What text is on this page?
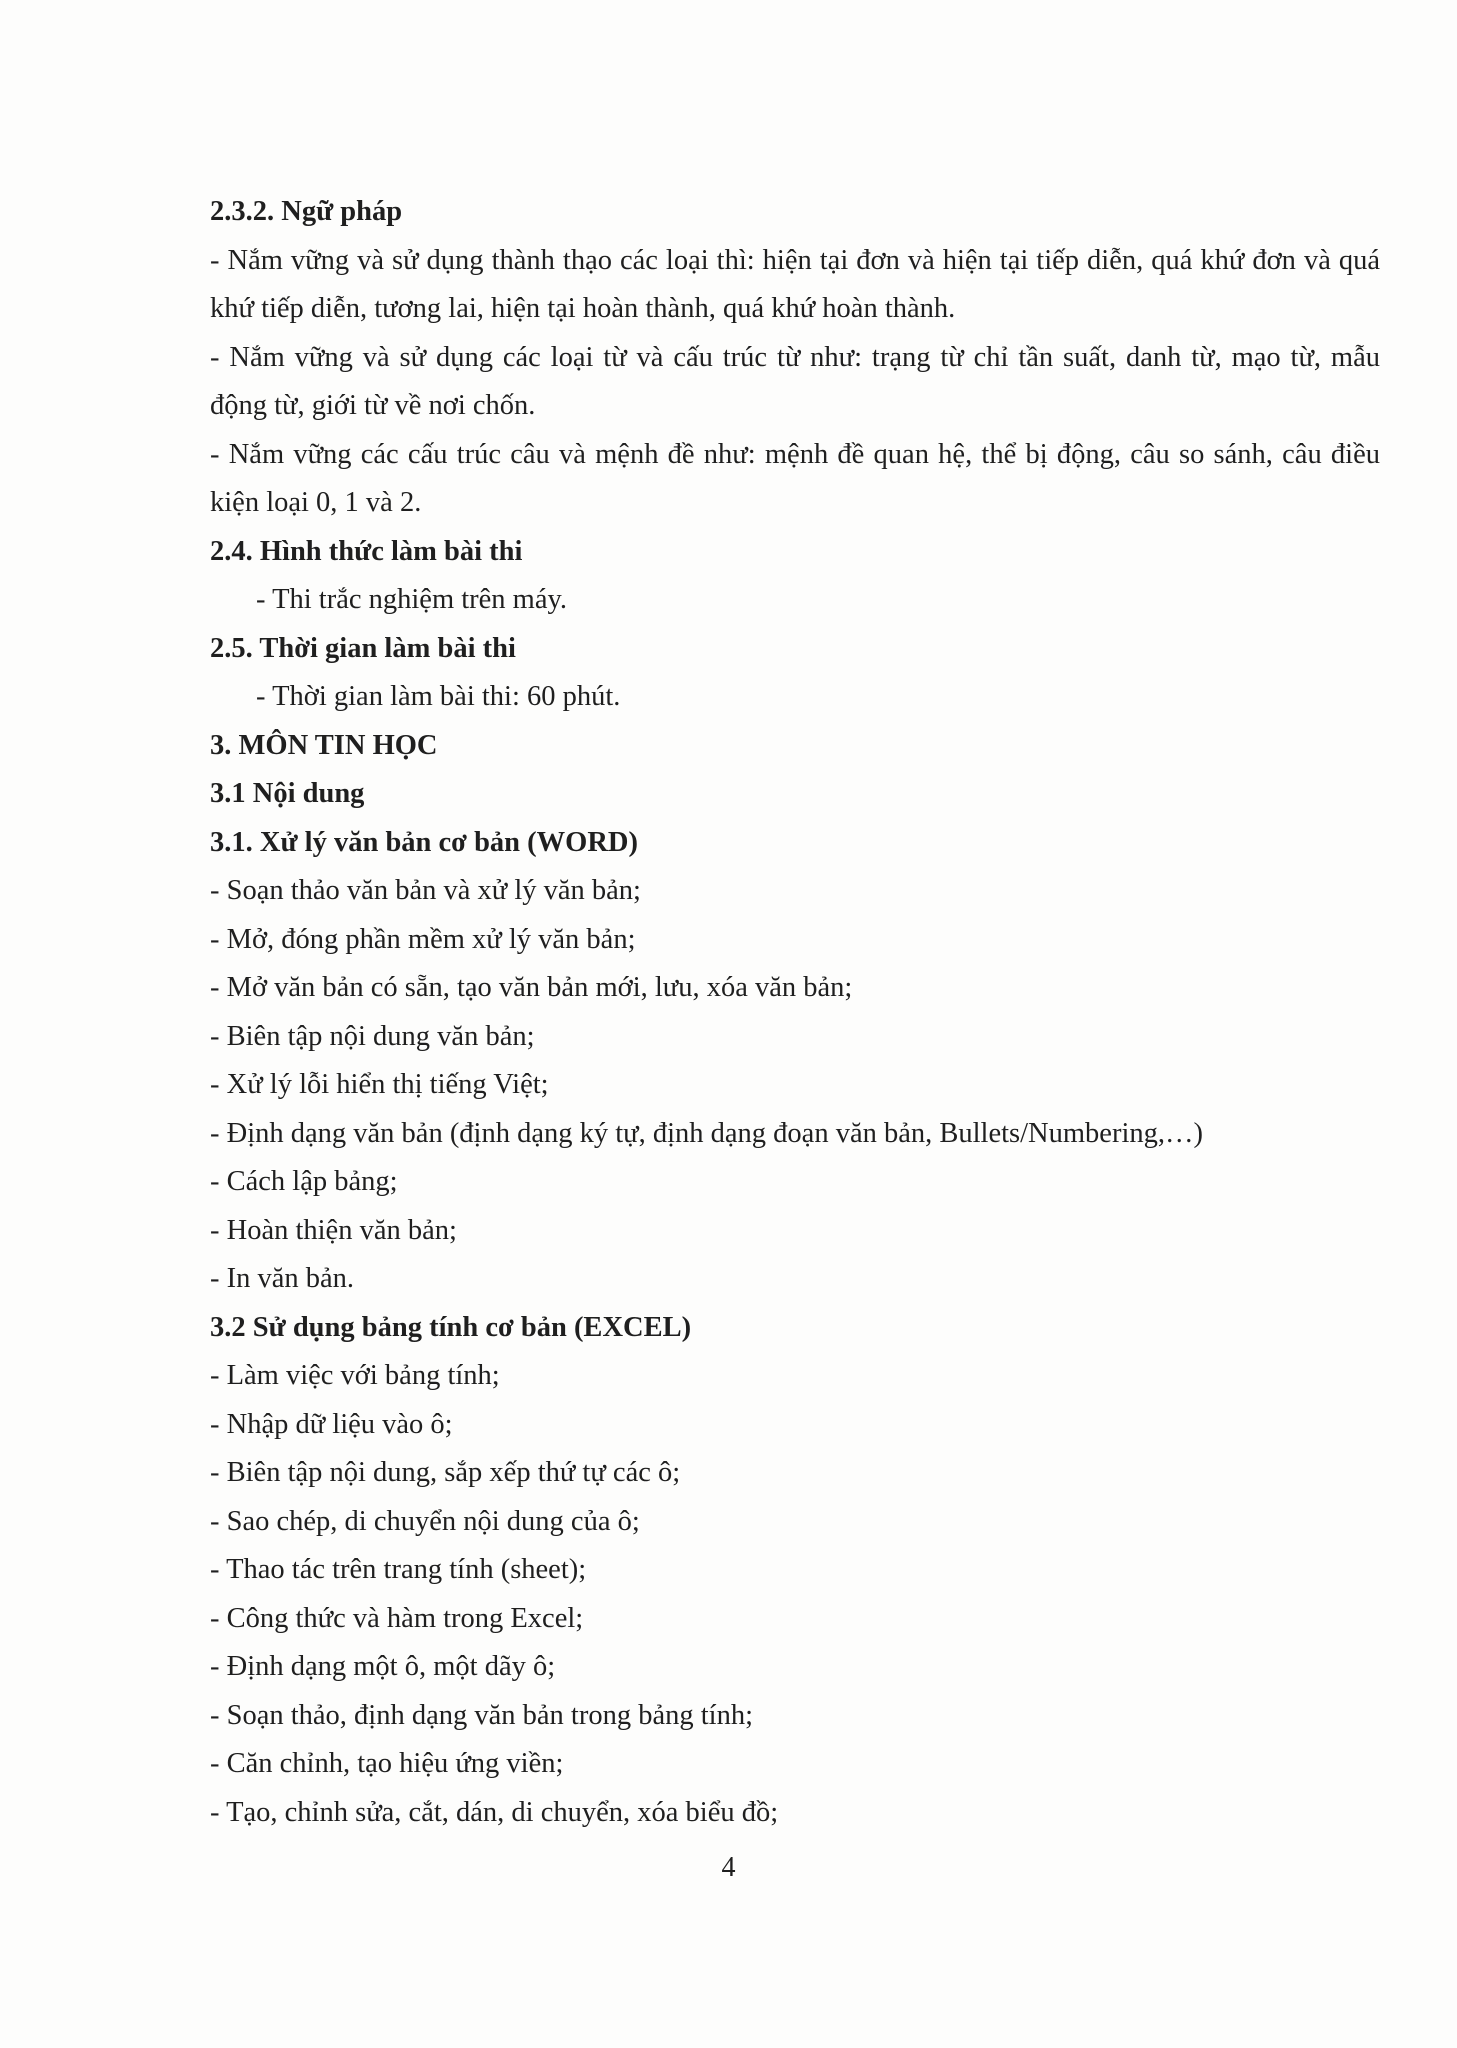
2.3.2. Ngữ pháp

- Nắm vững và sử dụng thành thạo các loại thì: hiện tại đơn và hiện tại tiếp diễn, quá khứ đơn và quá khứ tiếp diễn, tương lai, hiện tại hoàn thành, quá khứ hoàn thành.

- Nắm vững và sử dụng các loại từ và cấu trúc từ như: trạng từ chỉ tần suất, danh từ, mạo từ, mẫu động từ, giới từ về nơi chốn.

- Nắm vững các cấu trúc câu và mệnh đề như: mệnh đề quan hệ, thể bị động, câu so sánh, câu điều kiện loại 0, 1 và 2.

2.4. Hình thức làm bài thi

- Thi trắc nghiệm trên máy.

2.5. Thời gian làm bài thi

- Thời gian làm bài thi: 60 phút.

3. MÔN TIN HỌC

3.1 Nội dung

3.1. Xử lý văn bản cơ bản (WORD)

- Soạn thảo văn bản và xử lý văn bản;

- Mở, đóng phần mềm xử lý văn bản;

- Mở văn bản có sẵn, tạo văn bản mới, lưu, xóa văn bản;

- Biên tập nội dung văn bản;

- Xử lý lỗi hiển thị tiếng Việt;

- Định dạng văn bản (định dạng ký tự, định dạng đoạn văn bản, Bullets/Numbering,…)

- Cách lập bảng;

- Hoàn thiện văn bản;

- In văn bản.

3.2 Sử dụng bảng tính cơ bản (EXCEL)

- Làm việc với bảng tính;

- Nhập dữ liệu vào ô;

- Biên tập nội dung, sắp xếp thứ tự các ô;

- Sao chép, di chuyển nội dung của ô;

- Thao tác trên trang tính (sheet);

- Công thức và hàm trong Excel;

- Định dạng một ô, một dãy ô;

- Soạn thảo, định dạng văn bản trong bảng tính;

- Căn chỉnh, tạo hiệu ứng viền;

- Tạo, chỉnh sửa, cắt, dán, di chuyển, xóa biểu đồ;

4
